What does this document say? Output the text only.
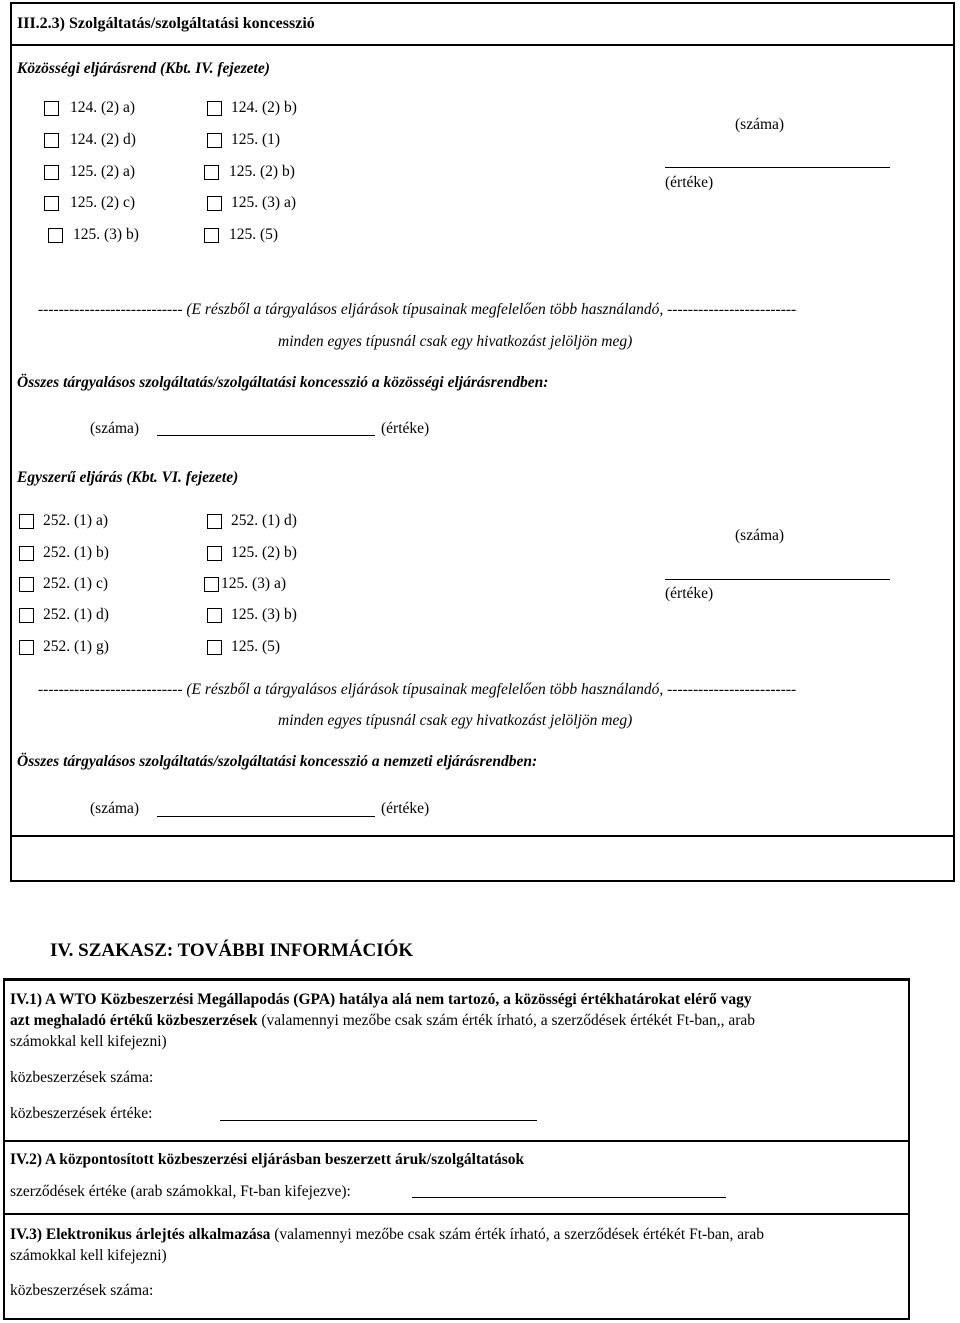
III.2.3) Szolgáltatás/szolgáltatási koncesszió
Közösségi eljárásrend (Kbt. IV. fejezete)
124. (2) a)
124. (2) d)
125. (2) a)
125. (2) c)
125. (3) b)
124. (2) b)
125. (1)
125. (2) b)
125. (3) a)
125. (5)
(száma)
(értéke)
---------------------------- (E részből a tárgyalásos eljárások típusainak megfelelően több használandó, -------------------------
minden egyes típusnál csak egy hivatkozást jelöljön meg)
Összes tárgyalásos szolgáltatás/szolgáltatási koncesszió a közösségi eljárásrendben:
(száma)	(értéke)
Egyszerű eljárás (Kbt. VI. fejezete)
252. (1) a)
252. (1) b)
252. (1) c)
252. (1) d)
252. (1) g)
252. (1) d)
125. (2) b)
125. (3) a)
125. (3) b)
125. (5)
(száma)
(értéke)
---------------------------- (E részből a tárgyalásos eljárások típusainak megfelelően több használandó, -------------------------
minden egyes típusnál csak egy hivatkozást jelöljön meg)
Összes tárgyalásos szolgáltatás/szolgáltatási koncesszió a nemzeti eljárásrendben:
(száma)	(értéke)
IV. SZAKASZ: TOVÁBBI INFORMÁCIÓK
IV.1) A WTO Közbeszerzési Megállapodás (GPA) hatálya alá nem tartozó, a közösségi értékhatárokat elérő vagy
azt meghaladó értékű közbeszerzések (valamennyi mezőbe csak szám érték írható, a szerződések értékét Ft-ban,, arab
számokkal kell kifejezni)
közbeszerzések száma:
közbeszerzések értéke:
IV.2) A központosított közbeszerzési eljárásban beszerzett áruk/szolgáltatások
szerződések értéke (arab számokkal, Ft-ban kifejezve):
IV.3) Elektronikus árlejtés alkalmazása (valamennyi mezőbe csak szám érték írható, a szerződések értékét Ft-ban, arab
számokkal kell kifejezni)
közbeszerzések száma:
